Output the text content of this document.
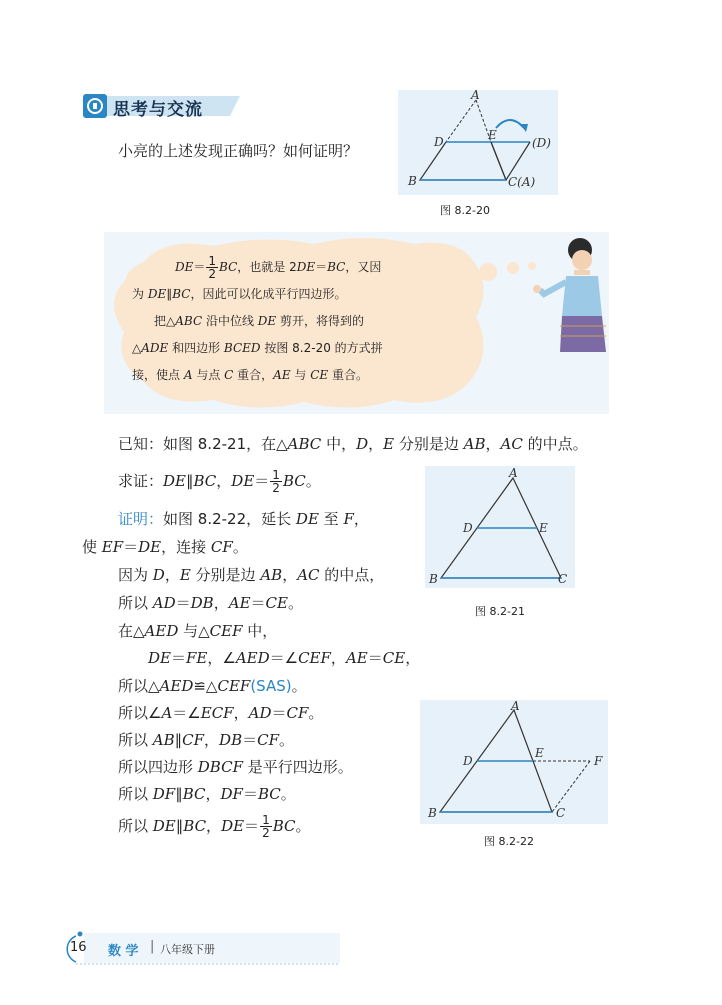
思考与交流
小亮的上述发现正确吗？如何证明？
A
D	E
(D)
B	C(A)
图 8.2-20
$DE= \frac{1}{2}$ BC，也就是 2DE＝BC，又因
为 DE∥BC，因此可以化成平行四边形。
把△ABC 沿中位线 DE 剪开，将得到的
△ADE 和四边形 BCED 按图 8.2-20 的方式拼
接，使点 A 与点 C 重合，AE 与 CE 重合。
已知：如图 8.2-21，在△ABC 中，D，E 分别是边 AB，AC 的中点。
求证：DE∥BC，$DE= \frac{1}{2}$ BC。	A
D	E
B	C
图 8.2-21
证明：如图 8.2-22，延长 DE 至 F，
使 EF＝DE，连接 CF。
因为 D，E 分别是边 AB，AC 的中点，
所以 AD＝DB，AE＝CE。
在△AED 与△CEF 中，
DE＝FE，∠AED＝∠CEF，AE＝CE，
所以△AED≌△CEF(SAS)。
所以∠A＝∠ECF，AD＝CF。
所以 AB∥CF，DB＝CF。
所以四边形 DBCF 是平行四边形。
所以 DF∥BC，DF＝BC。
所以 DE∥BC，$DE= \frac{1}{2}$ BC。
A
D
E
F
B	C
图 8.2-22
16 数 学 | 八年级下册
